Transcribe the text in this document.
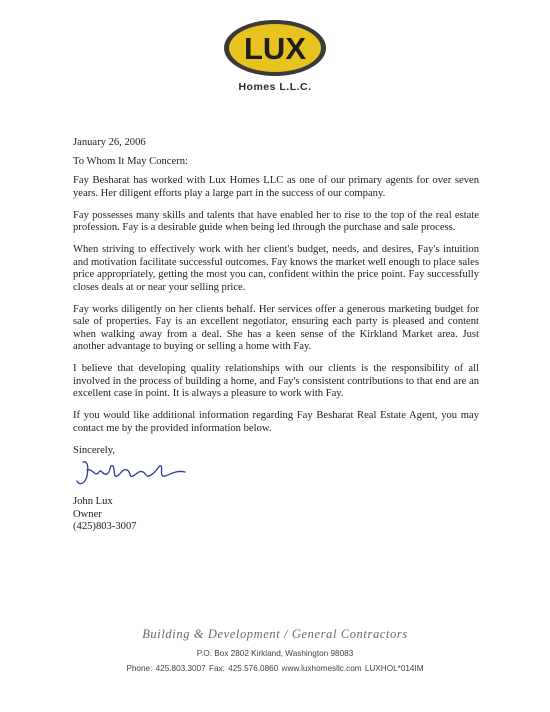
LUX
Homes L.L.C.

January 26, 2006

To Whom It May Concern:

Fay Besharat has worked with Lux Homes LLC as one of our primary agents for over seven years. Her diligent efforts play a large part in the success of our company.

Fay possesses many skills and talents that have enabled her to rise to the top of the real estate profession. Fay is a desirable guide when being led through the purchase and sale process.

When striving to effectively work with her client's budget, needs, and desires, Fay's intuition and motivation facilitate successful outcomes. Fay knows the market well enough to place sales price appropriately, getting the most you can, confident within the price point. Fay successfully closes deals at or near your selling price.

Fay works diligently on her clients behalf. Her services offer a generous marketing budget for sale of properties. Fay is an excellent negotiator, ensuring each party is pleased and content when walking away from a deal. She has a keen sense of the Kirkland Market area. Just another advantage to buying or selling a home with Fay.

I believe that developing quality relationships with our clients is the responsibility of all involved in the process of building a home, and Fay's consistent contributions to that end are an excellent case in point. It is always a pleasure to work with Fay.

If you would like additional information regarding Fay Besharat Real Estate Agent, you may contact me by the provided information below.

Sincerely,

John Lux
Owner
(425)803-3007
Building & Development / General Contractors
P.O. Box 2802 Kirkland, Washington 98083
Phone: 425.803.3007 Fax: 425.576.0860 www.luxhomesllc.com LUXHOL*014IM
